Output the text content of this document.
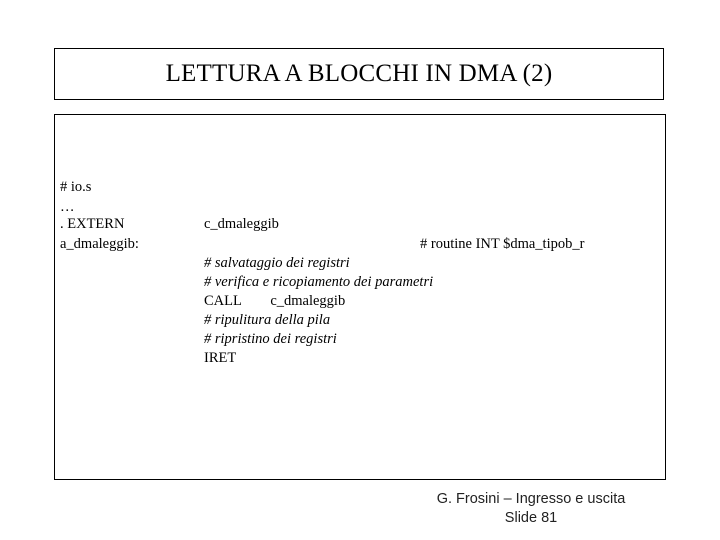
LETTURA A BLOCCHI IN DMA (2)
# io.s
…
. EXTERN
a_dmaleggib:
c_dmaleggib
# routine INT $dma_tipob_r
# salvataggio dei registri
# verifica e ricopiamento dei parametri
CALL        c_dmaleggib
# ripulitura della pila
# ripristino dei registri
IRET
G. Frosini – Ingresso e uscita
Slide 81
